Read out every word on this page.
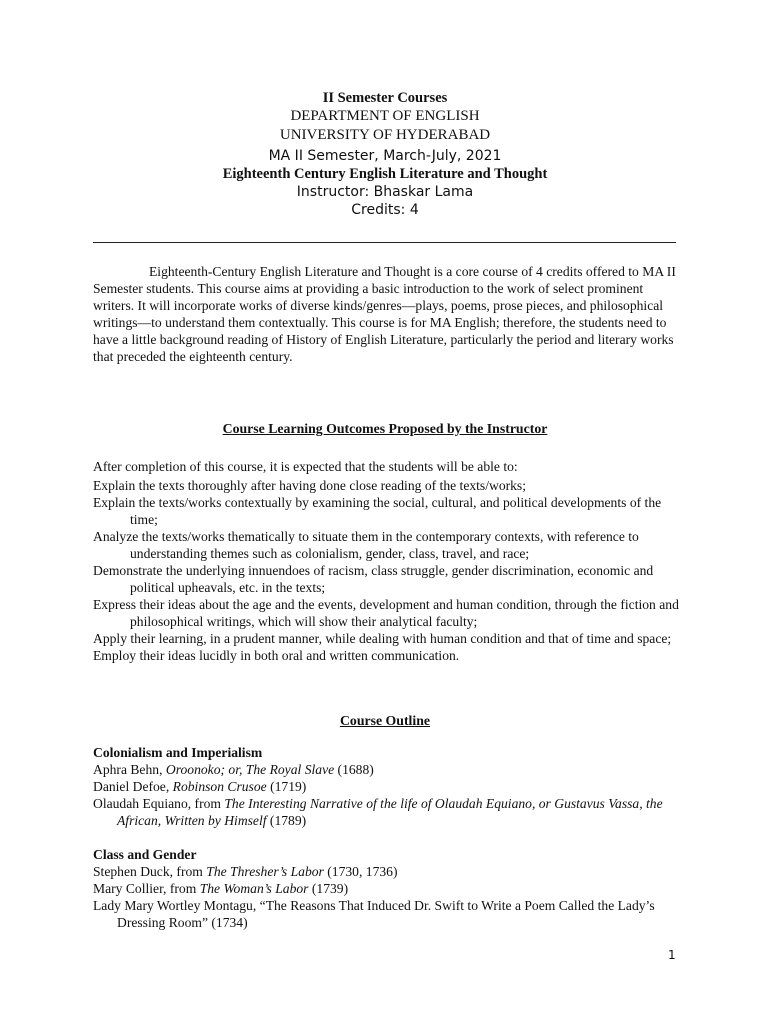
II Semester Courses
DEPARTMENT OF ENGLISH
UNIVERSITY OF HYDERABAD
MA II Semester, March-July, 2021
Eighteenth Century English Literature and Thought
Instructor: Bhaskar Lama
Credits: 4

Eighteenth-Century English Literature and Thought is a core course of 4 credits offered to MA II Semester students. This course aims at providing a basic introduction to the work of select prominent writers. It will incorporate works of diverse kinds/genres—plays, poems, prose pieces, and philosophical writings—to understand them contextually. This course is for MA English; therefore, the students need to have a little background reading of History of English Literature, particularly the period and literary works that preceded the eighteenth century.

Course Learning Outcomes Proposed by the Instructor
After completion of this course, it is expected that the students will be able to:
Explain the texts thoroughly after having done close reading of the texts/works;
Explain the texts/works contextually by examining the social, cultural, and political developments of the time;
Analyze the texts/works thematically to situate them in the contemporary contexts, with reference to understanding themes such as colonialism, gender, class, travel, and race;
Demonstrate the underlying innuendoes of racism, class struggle, gender discrimination, economic and political upheavals, etc. in the texts;
Express their ideas about the age and the events, development and human condition, through the fiction and philosophical writings, which will show their analytical faculty;
Apply their learning, in a prudent manner, while dealing with human condition and that of time and space;
Employ their ideas lucidly in both oral and written communication.
Course Outline
Colonialism and Imperialism
Aphra Behn, Oroonoko; or, The Royal Slave (1688)
Daniel Defoe, Robinson Crusoe (1719)
Olaudah Equiano, from The Interesting Narrative of the life of Olaudah Equiano, or Gustavus Vassa, the African, Written by Himself (1789)
Class and Gender
Stephen Duck, from The Thresher’s Labor (1730, 1736)
Mary Collier, from The Woman’s Labor (1739)
Lady Mary Wortley Montagu, “The Reasons That Induced Dr. Swift to Write a Poem Called the Lady’s Dressing Room” (1734)
1
